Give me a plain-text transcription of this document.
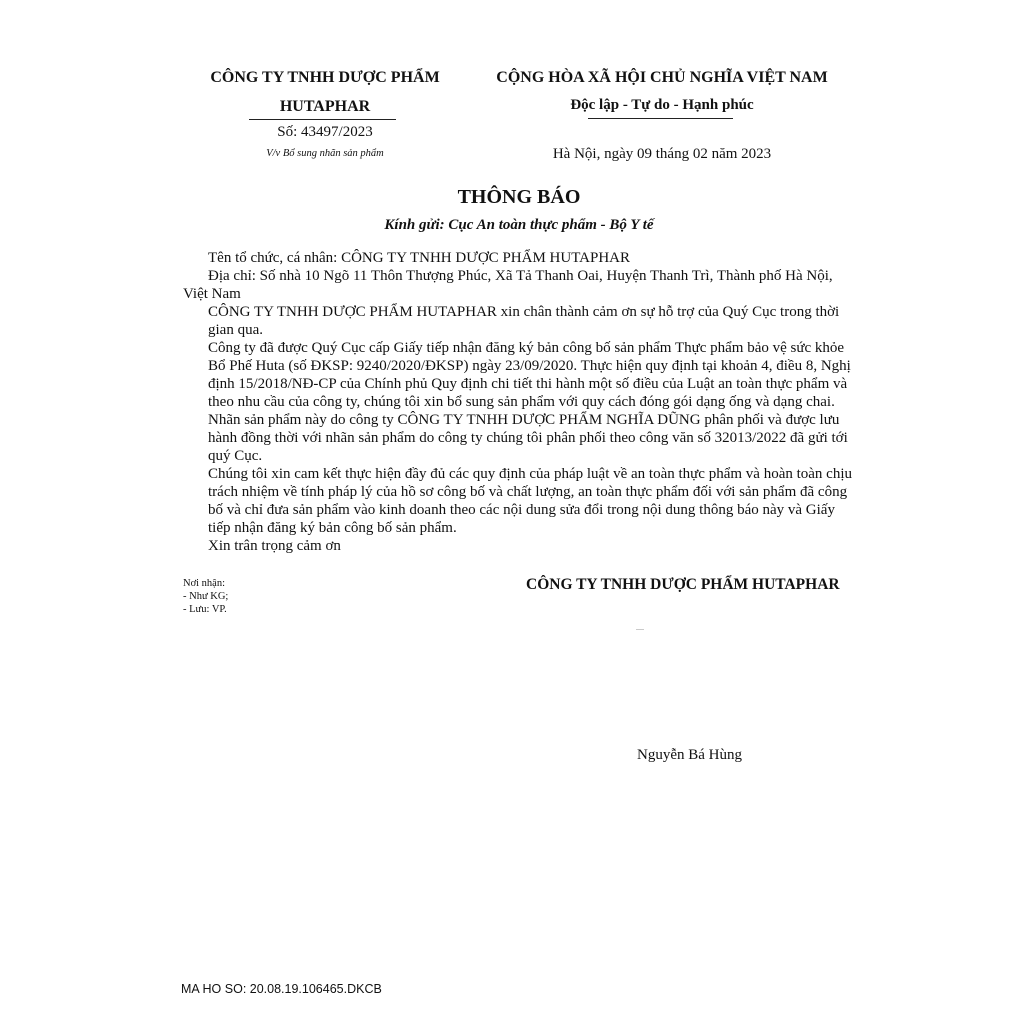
CÔNG TY TNHH DƯỢC PHẨM
HUTAPHAR
Số: 43497/2023
V/v Bổ sung nhãn sản phẩm
CỘNG HÒA XÃ HỘI CHỦ NGHĨA VIỆT NAM
Độc lập - Tự do - Hạnh phúc
Hà Nội, ngày 09 tháng 02 năm 2023
THÔNG BÁO
Kính gửi: Cục An toàn thực phẩm - Bộ Y tế

Tên tổ chức, cá nhân: CÔNG TY TNHH DƯỢC PHẨM HUTAPHAR

Địa chỉ: Số nhà 10 Ngõ 11 Thôn Thượng Phúc, Xã Tả Thanh Oai, Huyện Thanh Trì, Thành phố Hà Nội, Việt Nam

CÔNG TY TNHH DƯỢC PHẨM HUTAPHAR xin chân thành cảm ơn sự hỗ trợ của Quý Cục trong thời gian qua.

Công ty đã được Quý Cục cấp Giấy tiếp nhận đăng ký bản công bố sản phẩm Thực phẩm bảo vệ sức khỏe Bổ Phế Huta (số ĐKSP: 9240/2020/ĐKSP) ngày 23/09/2020. Thực hiện quy định tại khoản 4, điều 8, Nghị định 15/2018/NĐ-CP của Chính phủ Quy định chi tiết thi hành một số điều của Luật an toàn thực phẩm và theo nhu cầu của công ty, chúng tôi xin bổ sung sản phẩm với quy cách đóng gói dạng ống và dạng chai. Nhãn sản phẩm này do công ty CÔNG TY TNHH DƯỢC PHẨM NGHĨA DŨNG phân phối và được lưu hành đồng thời với nhãn sản phẩm do công ty chúng tôi phân phối theo công văn số 32013/2022 đã gửi tới quý Cục.

Chúng tôi xin cam kết thực hiện đầy đủ các quy định của pháp luật về an toàn thực phẩm và hoàn toàn chịu trách nhiệm về tính pháp lý của hồ sơ công bố và chất lượng, an toàn thực phẩm đối với sản phẩm đã công bố và chỉ đưa sản phẩm vào kinh doanh theo các nội dung sửa đổi trong nội dung thông báo này và Giấy tiếp nhận đăng ký bản công bố sản phẩm.

Xin trân trọng cảm ơn

Nơi nhận:
- Như KG;
- Lưu: VP.
CÔNG TY TNHH DƯỢC PHẨM HUTAPHAR
....
Nguyễn Bá Hùng
MA HO SO: 20.08.19.106465.DKCB
